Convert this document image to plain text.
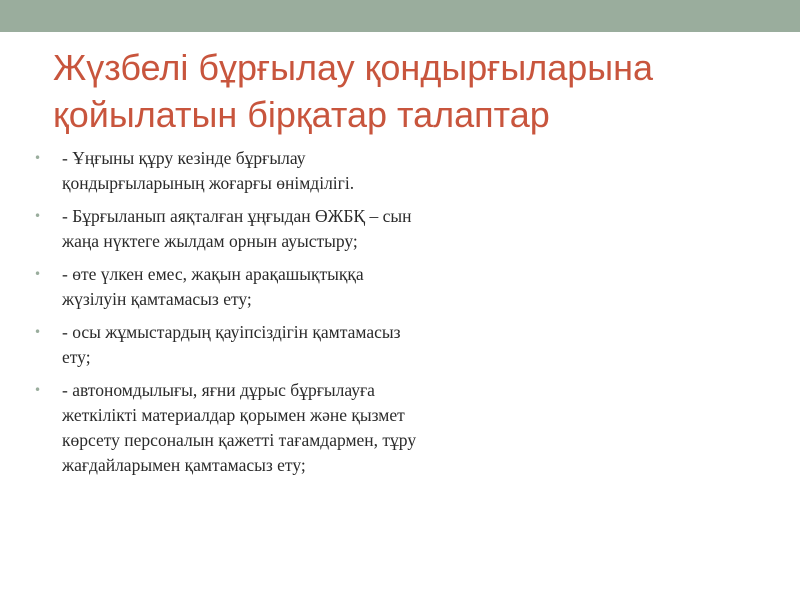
Жүзбелі бұрғылау қондырғыларына қойылатын бірқатар талаптар
•	- Ұңғыны құру кезінде бұрғылау
қондырғыларының жоғарғы өнімділігі.
•	- Бұрғыланып аяқталған ұңғыдан ӨЖБҚ – сын
жаңа нүктеге жылдам орнын ауыстыру;
•	- өте үлкен емес, жақын арақашықтыққа
жүзілуін қамтамасыз ету;
•	- осы жұмыстардың қауіпсіздігін қамтамасыз
ету;
•	- автономдылығы, яғни дұрыс бұрғылауға
жеткілікті материалдар қорымен және қызмет
көрсету персоналын қажетті тағамдармен, тұру
жағдайларымен қамтамасыз ету;
